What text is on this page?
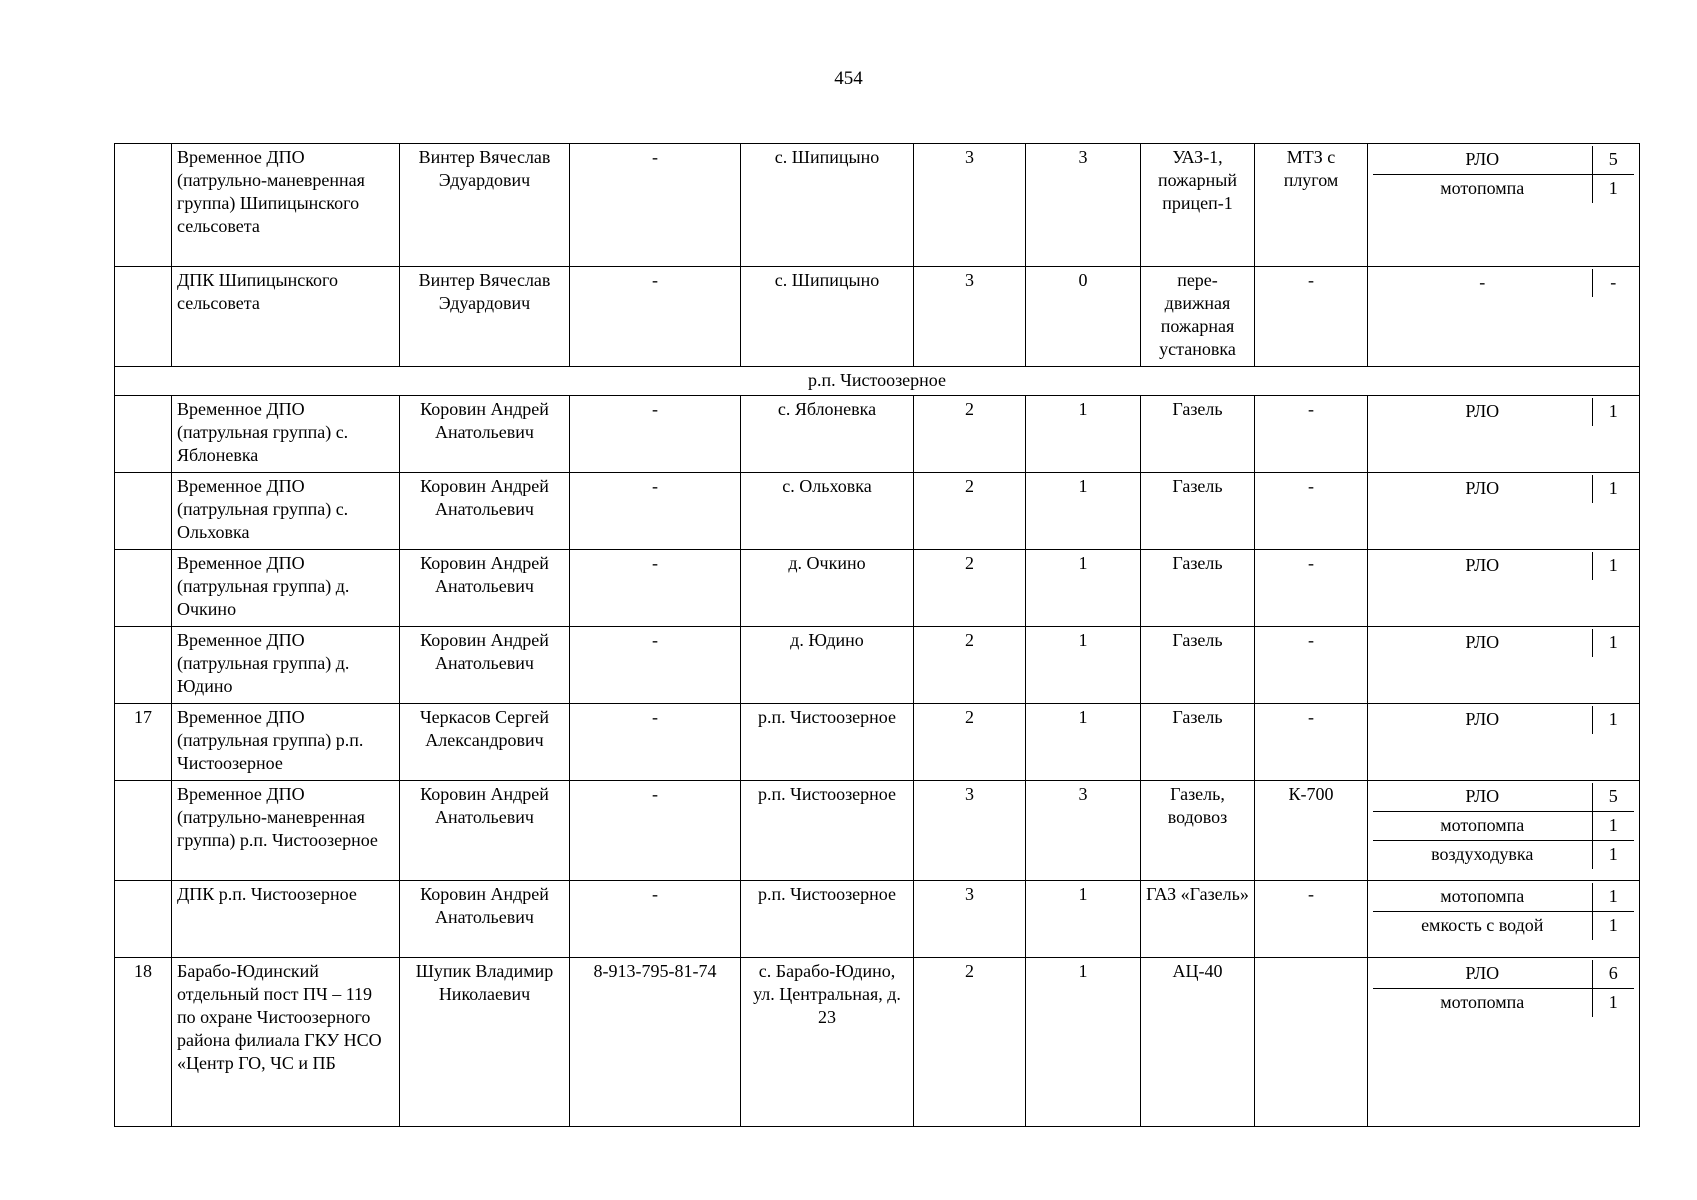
454
	Временное ДПО (патрульно-маневренная группа) Шипицынского сельсовета	Винтер Вячеслав Эдуардович	-	с. Шипицыно	3	3	УАЗ-1, пожарный прицеп-1	МТЗ с плугом	
РЛО	5
мотопомпа	1

	ДПК Шипицынского сельсовета	Винтер Вячеслав Эдуардович	-	с. Шипицыно	3	0	пере-движная пожарная установка	-		-	-

р.п. Чистоозерное
	Временное ДПО (патрульная группа) с. Яблоневка	Коровин Андрей Анатольевич	-	с. Яблоневка	2	1	Газель	-		РЛО	1

	Временное ДПО (патрульная группа) с. Ольховка	Коровин Андрей Анатольевич	-	с. Ольховка	2	1	Газель	-		РЛО	1

	Временное ДПО (патрульная группа) д. Очкино	Коровин Андрей Анатольевич	-	д. Очкино	2	1	Газель	-		РЛО	1

	Временное ДПО (патрульная группа) д. Юдино	Коровин Андрей Анатольевич	-	д. Юдино	2	1	Газель	-		РЛО	1

17	Временное ДПО (патрульная группа) р.п. Чистоозерное	Черкасов Сергей Александрович	-	р.п. Чистоозерное	2	1	Газель	-		РЛО	1

	Временное ДПО (патрульно-маневренная группа) р.п. Чистоозерное	Коровин Андрей Анатольевич	-	р.п. Чистоозерное	3	3	Газель, водовоз	К-700		РЛО	5
мотопомпа	1
воздуходувка	1

	ДПК р.п. Чистоозерное	Коровин Андрей Анатольевич	-	р.п. Чистоозерное	3	1	ГАЗ «Газель»	-		мотопомпа	1
емкость с водой	1

18	Барабо-Юдинский отдельный пост ПЧ – 119 по охране Чистоозерного района филиала ГКУ НСО «Центр ГО, ЧС и ПБ	Шупик Владимир Николаевич	8-913-795-81-74	с. Барабо-Юдино, ул. Центральная, д. 23	2	1	АЦ-40			РЛО	6
мотопомпа	1
